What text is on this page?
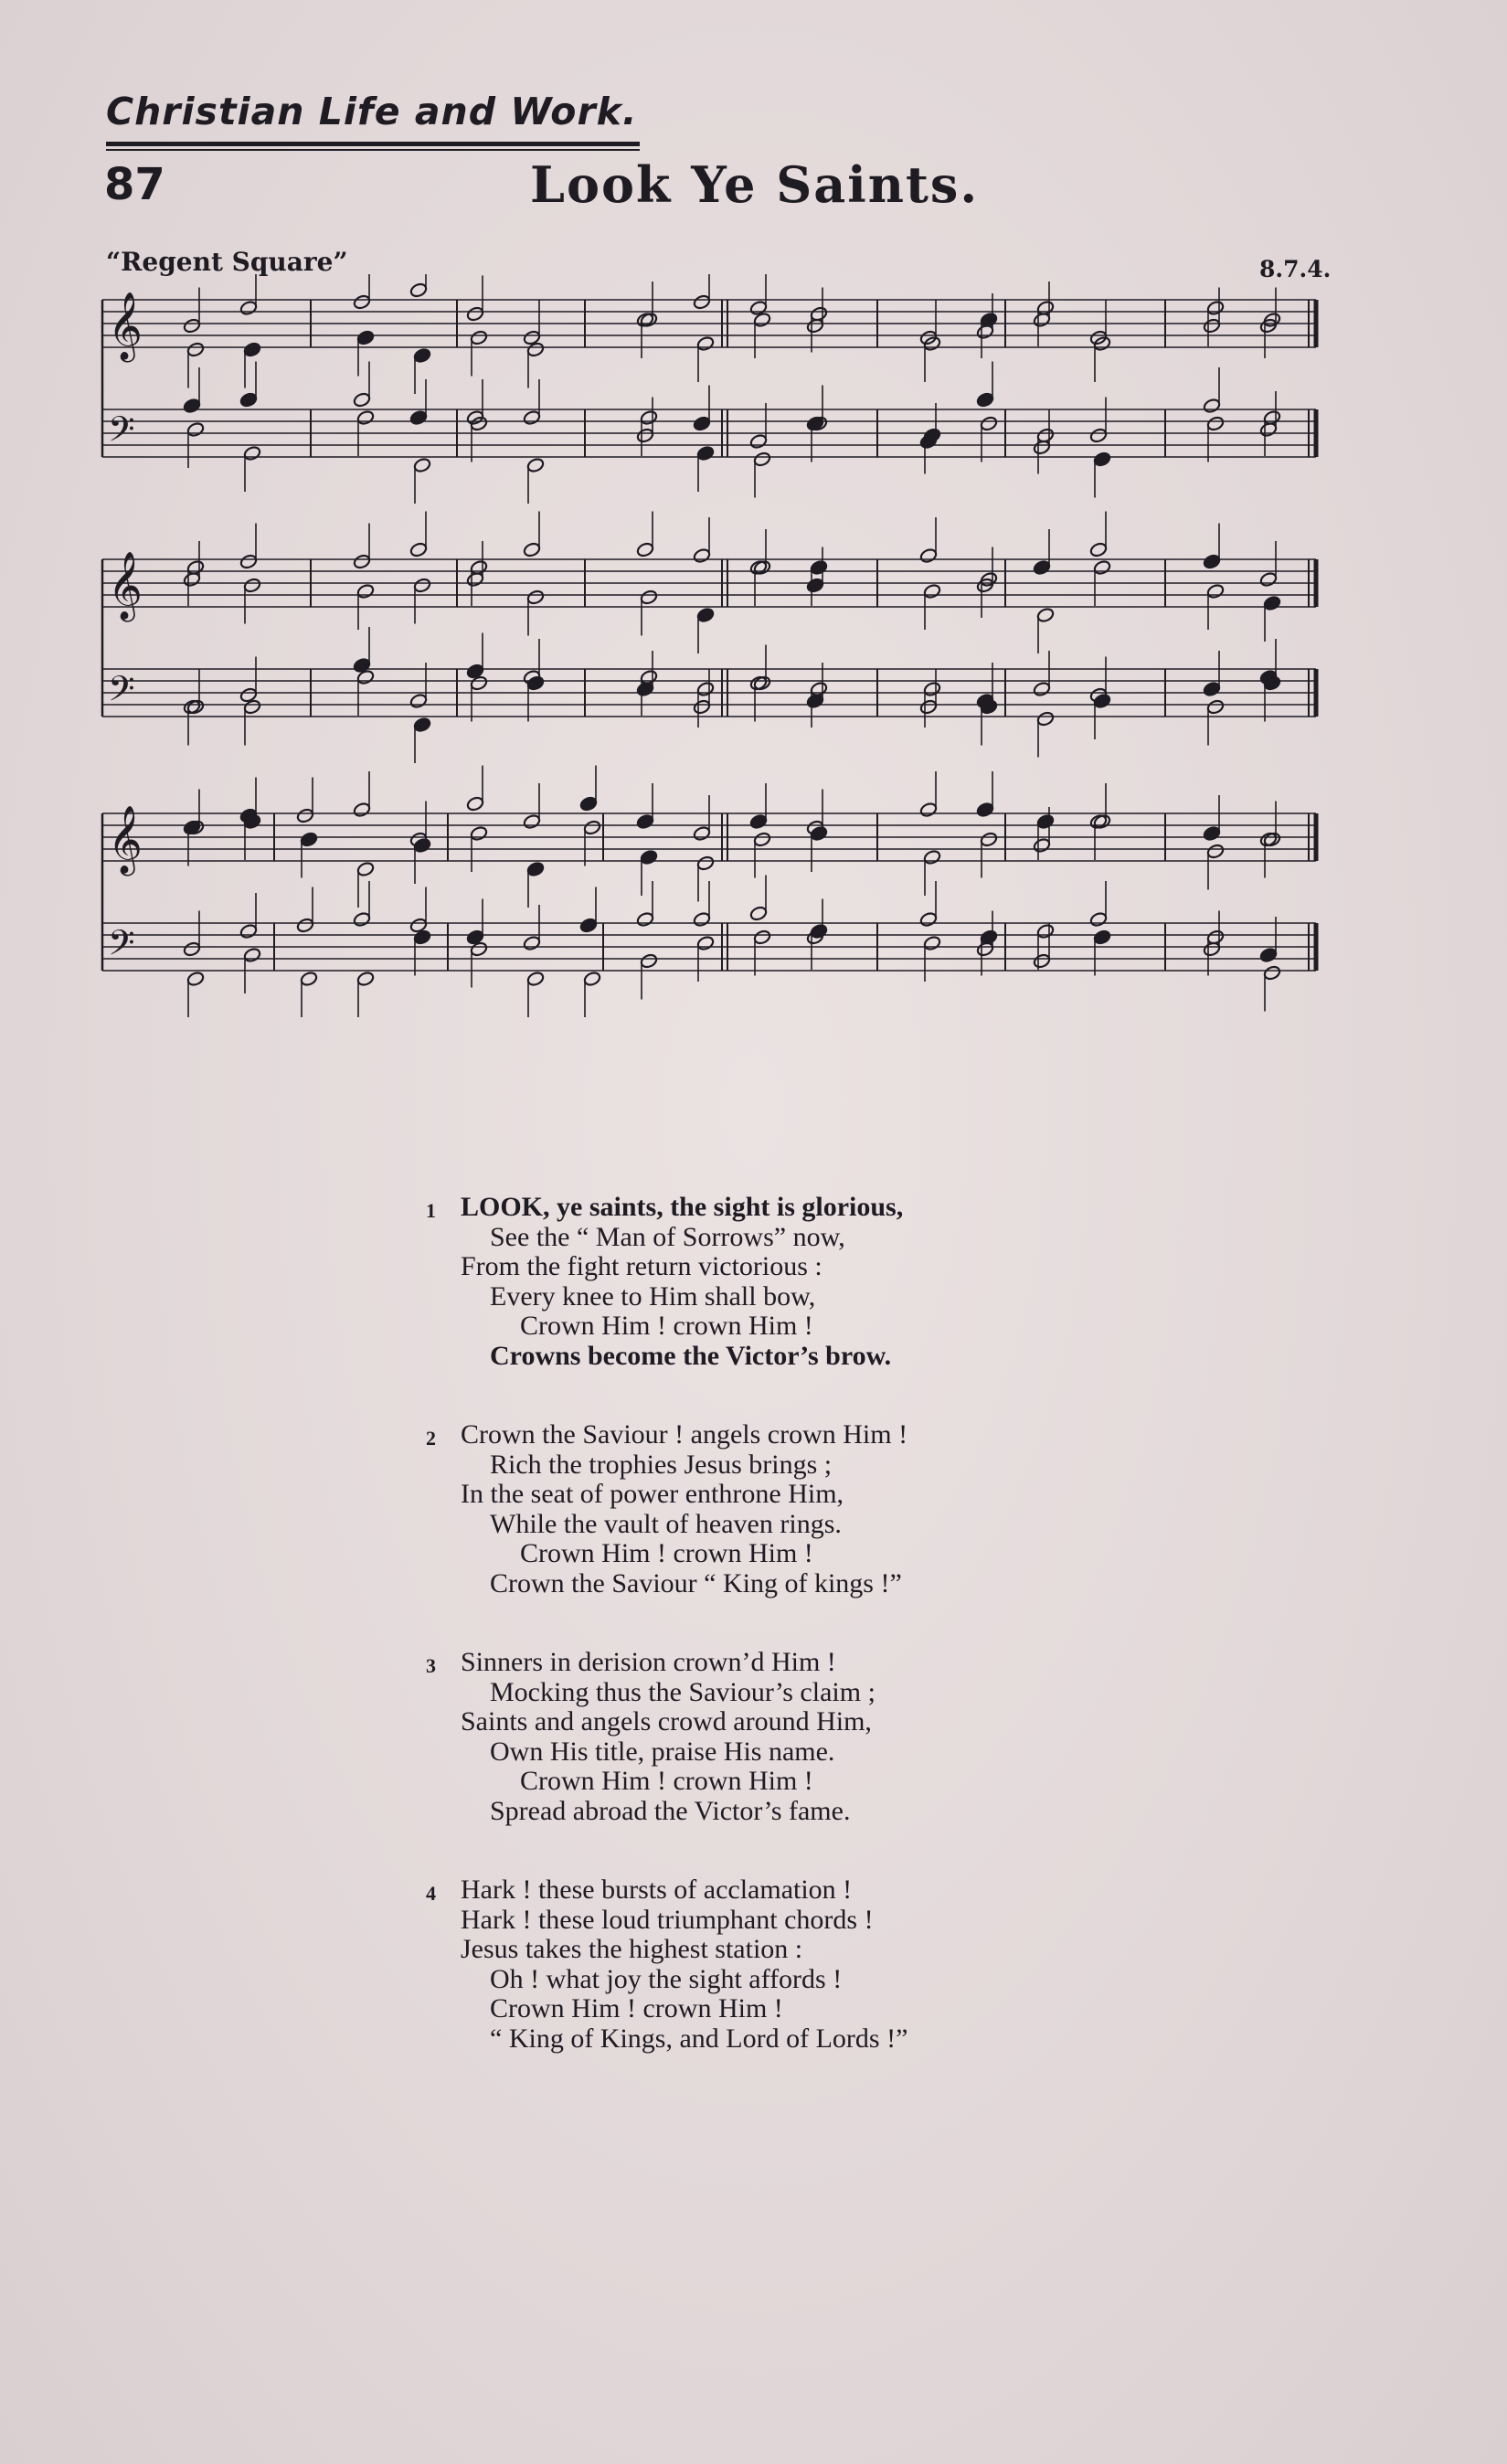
Christian Life and Work.
87	Look Ye Saints.
“Regent Square”	8.7.4.
𝄞
𝄢
𝄞
𝄢
𝄞
𝄢
1 LOOK, ye saints, the sight is glorious,
See the “ Man of Sorrows” now,
From the fight return victorious :
Every knee to Him shall bow,
Crown Him ! crown Him !
Crowns become the Victor’s brow.
2 Crown the Saviour ! angels crown Him !
Rich the trophies Jesus brings ;
In the seat of power enthrone Him,
While the vault of heaven rings.
Crown Him ! crown Him !
Crown the Saviour “ King of kings !”
3 Sinners in derision crown’d Him !
Mocking thus the Saviour’s claim ;
Saints and angels crowd around Him,
Own His title, praise His name.
Crown Him ! crown Him !
Spread abroad the Victor’s fame.
4 Hark ! these bursts of acclamation !
Hark ! these loud triumphant chords !
Jesus takes the highest station :
Oh ! what joy the sight affords !
Crown Him ! crown Him !
“ King of Kings, and Lord of Lords !”
